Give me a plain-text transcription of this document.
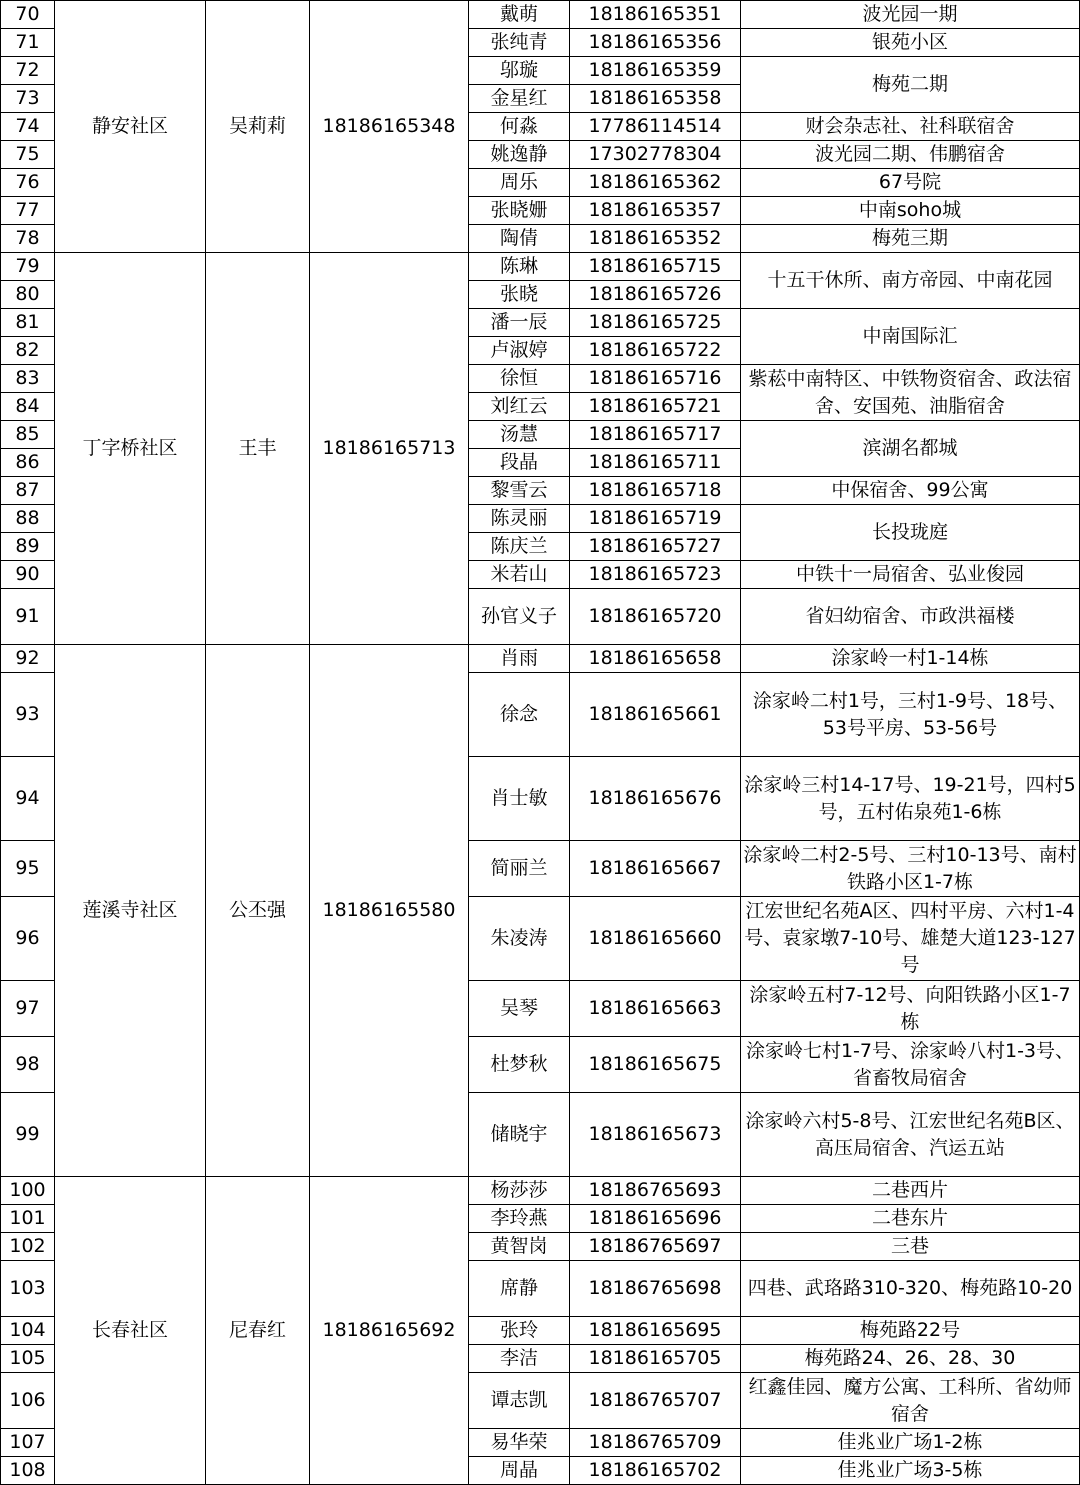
70	静安社区	吴莉莉	18186165348	戴萌	18186165351	波光园一期
71				张纯青	18186165356	银苑小区
72				邬璇	18186165359	梅苑二期
73				金星红	18186165358	
74				何淼	17786114514	财会杂志社、社科联宿舍
75				姚逸静	17302778304	波光园二期、伟鹏宿舍
76				周乐	18186165362	67号院
77				张晓姗	18186165357	中南soho城
78				陶倩	18186165352	梅苑三期
79	丁字桥社区	王丰	18186165713	陈琳	18186165715	十五干休所、南方帝园、中南花园
80				张晓	18186165726	
81				潘一辰	18186165725	中南国际汇
82				卢淑婷	18186165722	
83				徐恒	18186165716	紫菘中南特区、中铁物资宿舍、政法宿舍、安国苑、油脂宿舍
84				刘红云	18186165721	
85				汤慧	18186165717	滨湖名都城
86				段晶	18186165711	
87				黎雪云	18186165718	中保宿舍、99公寓
88				陈灵丽	18186165719	长投珑庭
89				陈庆兰	18186165727	
90				米若山	18186165723	中铁十一局宿舍、弘业俊园
91				孙官义子	18186165720	省妇幼宿舍、市政洪福楼
92	莲溪寺社区	公丕强	18186165580	肖雨	18186165658	涂家岭一村1-14栋
93				徐念	18186165661	涂家岭二村1号，三村1-9号、18号、53号平房、53-56号
94				肖士敏	18186165676	涂家岭三村14-17号、19-21号，四村5号，五村佑泉苑1-6栋
95				简丽兰	18186165667	涂家岭二村2-5号、三村10-13号、南村铁路小区1-7栋
96				朱凌涛	18186165660	江宏世纪名苑A区、四村平房、六村1-4号、袁家墩7-10号、雄楚大道123-127号
97				吴琴	18186165663	涂家岭五村7-12号、向阳铁路小区1-7栋
98				杜梦秋	18186165675	涂家岭七村1-7号、涂家岭八村1-3号、省畜牧局宿舍
99				储晓宇	18186165673	涂家岭六村5-8号、江宏世纪名苑B区、高压局宿舍、汽运五站
100	长春社区	尼春红	18186165692	杨莎莎	18186765693	二巷西片
101				李玲燕	18186165696	二巷东片
102				黄智岗	18186765697	三巷
103				席静	18186765698	四巷、武珞路310-320、梅苑路10-20
104				张玲	18186165695	梅苑路22号
105				李洁	18186165705	梅苑路24、26、28、30
106				谭志凯	18186765707	红鑫佳园、魔方公寓、工科所、省幼师宿舍
107				易华荣	18186765709	佳兆业广场1-2栋
108				周晶	18186165702	佳兆业广场3-5栋
